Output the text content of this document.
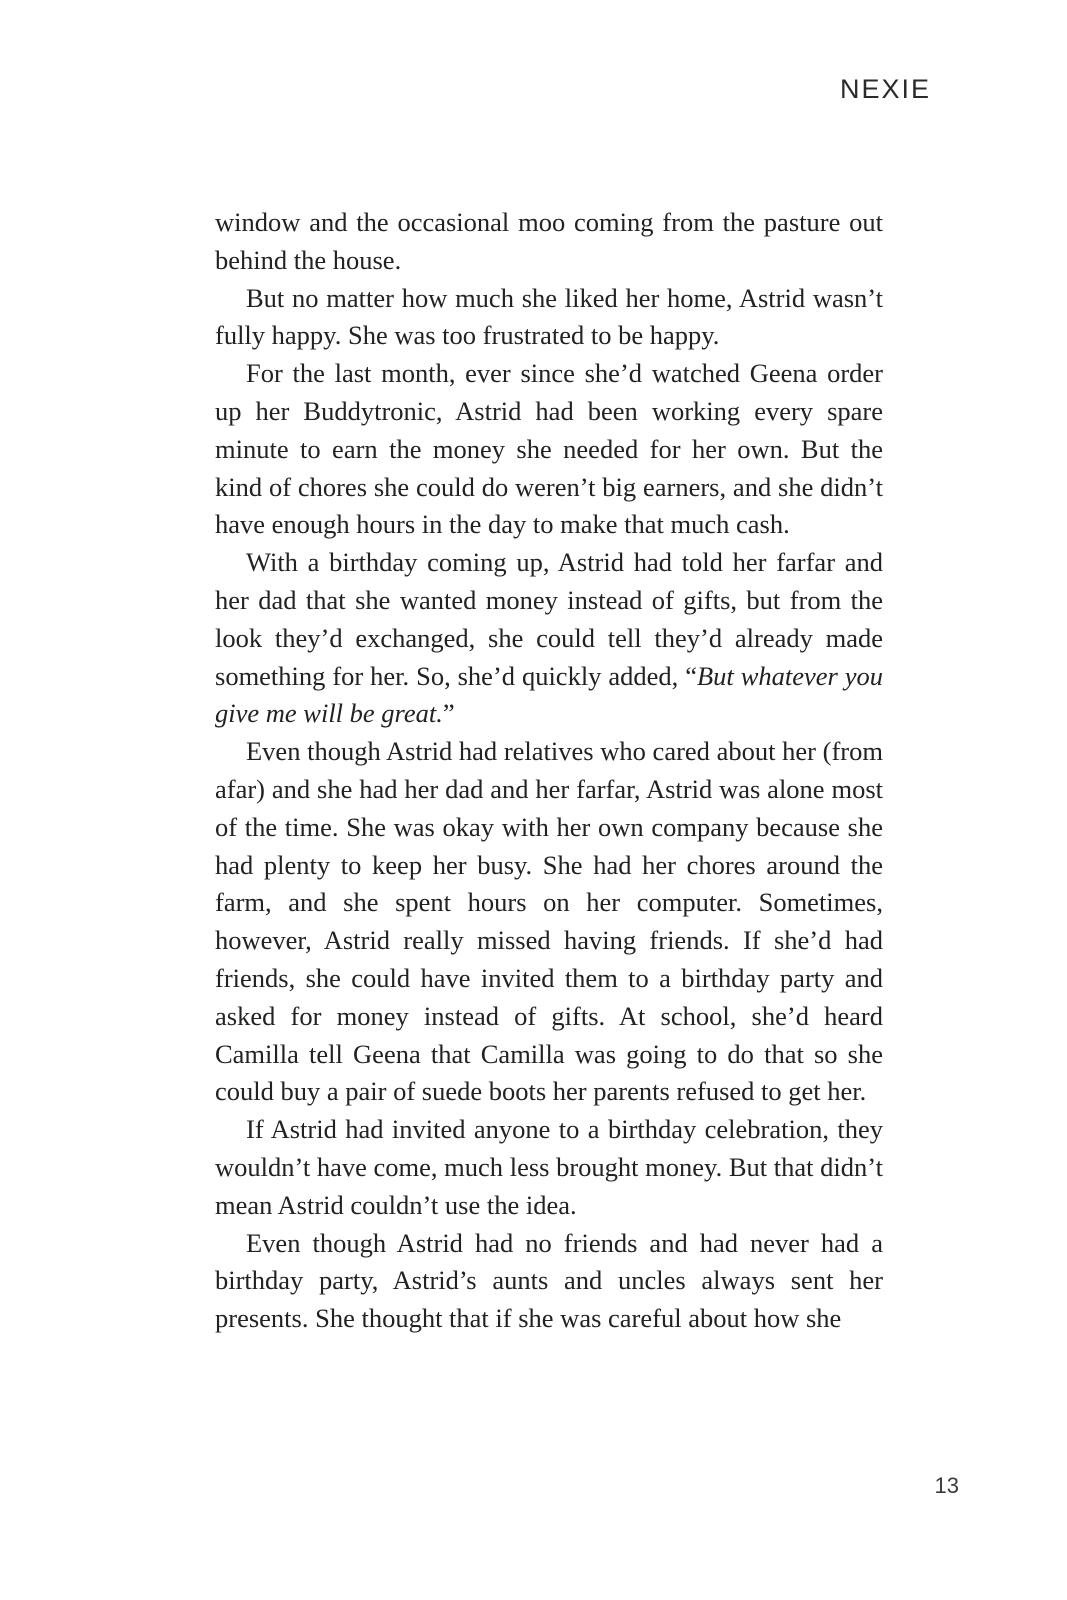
NEXIE

window and the occasional moo coming from the pasture out behind the house.

But no matter how much she liked her home, Astrid wasn’t fully happy. She was too frustrated to be happy.

For the last month, ever since she’d watched Geena order up her Buddytronic, Astrid had been working every spare minute to earn the money she needed for her own. But the kind of chores she could do weren’t big earners, and she didn’t have enough hours in the day to make that much cash.

With a birthday coming up, Astrid had told her farfar and her dad that she wanted money instead of gifts, but from the look they’d exchanged, she could tell they’d already made something for her. So, she’d quickly added, “But whatever you give me will be great.”

Even though Astrid had relatives who cared about her (from afar) and she had her dad and her farfar, Astrid was alone most of the time. She was okay with her own company because she had plenty to keep her busy. She had her chores around the farm, and she spent hours on her computer. Sometimes, however, Astrid really missed having friends. If she’d had friends, she could have invited them to a birthday party and asked for money instead of gifts. At school, she’d heard Camilla tell Geena that Camilla was going to do that so she could buy a pair of suede boots her parents refused to get her.

If Astrid had invited anyone to a birthday celebration, they wouldn’t have come, much less brought money. But that didn’t mean Astrid couldn’t use the idea.

Even though Astrid had no friends and had never had a birthday party, Astrid’s aunts and uncles always sent her presents. She thought that if she was careful about how she

13
